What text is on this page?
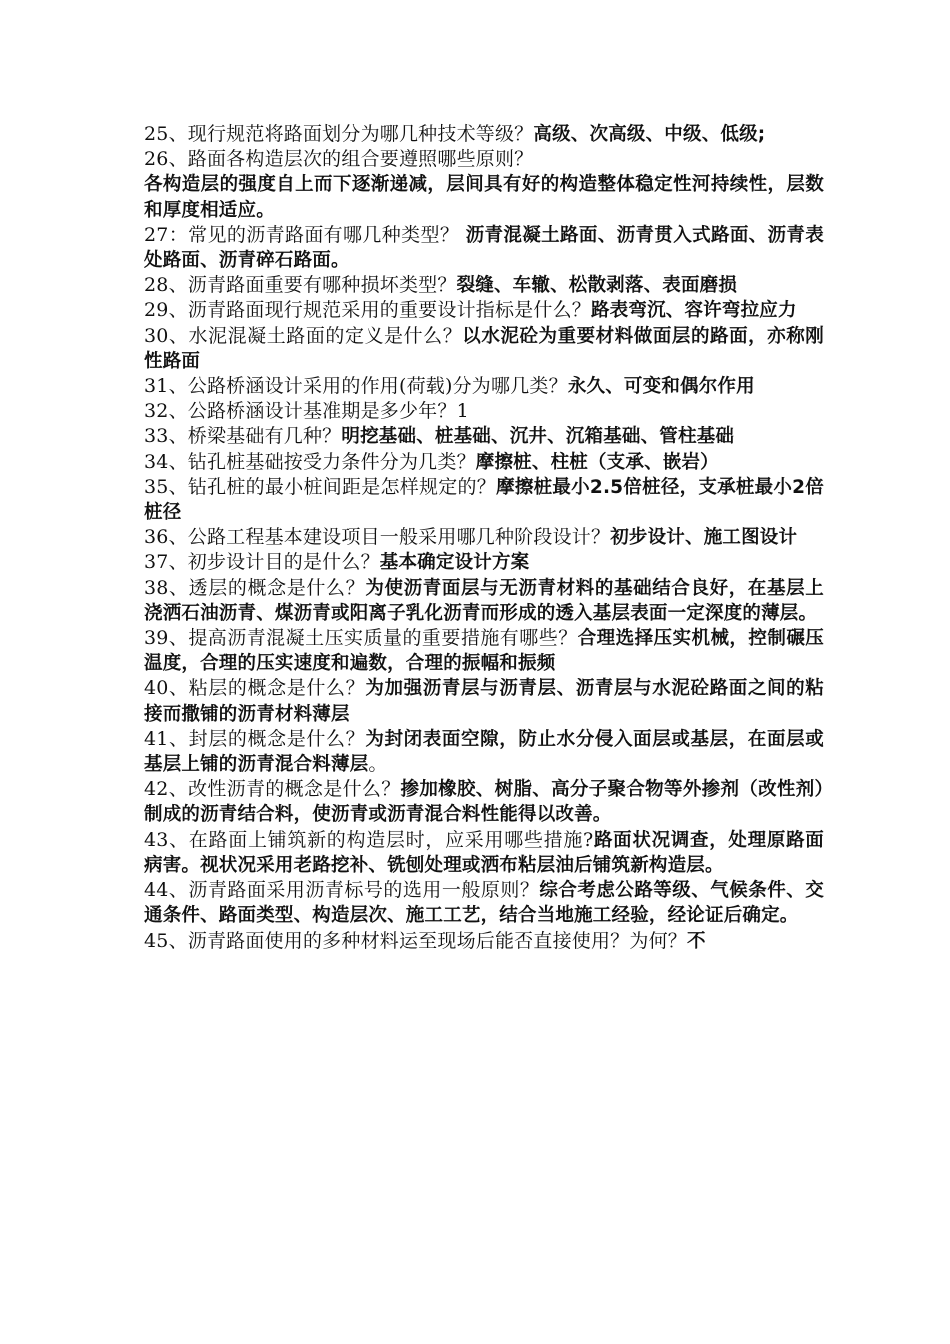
25、现行规范将路面划分为哪几种技术等级？高级、次高级、中级、低级;

26、路面各构造层次的组合要遵照哪些原则？
各构造层的强度自上而下逐渐递减，层间具有好的构造整体稳定性河持续性，层数和厚度相适应。

27：常见的沥青路面有哪几种类型？ 沥青混凝土路面、沥青贯入式路面、沥青表处路面、沥青碎石路面。

28、沥青路面重要有哪种损坏类型？裂缝、车辙、松散剥落、表面磨损

29、沥青路面现行规范采用的重要设计指标是什么？路表弯沉、容许弯拉应力

30、水泥混凝土路面的定义是什么？以水泥砼为重要材料做面层的路面，亦称刚性路面

31、公路桥涵设计采用的作用(荷载)分为哪几类？永久、可变和偶尔作用

32、公路桥涵设计基准期是多少年？1

33、桥梁基础有几种？明挖基础、桩基础、沉井、沉箱基础、管柱基础

34、钻孔桩基础按受力条件分为几类？摩擦桩、柱桩（支承、嵌岩）

35、钻孔桩的最小桩间距是怎样规定的？摩擦桩最小2.5倍桩径，支承桩最小2倍桩径

36、公路工程基本建设项目一般采用哪几种阶段设计？初步设计、施工图设计

37、初步设计目的是什么？基本确定设计方案

38、透层的概念是什么？为使沥青面层与无沥青材料的基础结合良好，在基层上浇洒石油沥青、煤沥青或阳离子乳化沥青而形成的透入基层表面一定深度的薄层。

39、提高沥青混凝土压实质量的重要措施有哪些？合理选择压实机械，控制碾压温度，合理的压实速度和遍数，合理的振幅和振频

40、粘层的概念是什么？为加强沥青层与沥青层、沥青层与水泥砼路面之间的粘接而撒铺的沥青材料薄层

41、封层的概念是什么？为封闭表面空隙，防止水分侵入面层或基层，在面层或基层上铺的沥青混合料薄层。

42、改性沥青的概念是什么？掺加橡胶、树脂、高分子聚合物等外掺剂（改性剂）制成的沥青结合料，使沥青或沥青混合料性能得以改善。

43、在路面上铺筑新的构造层时，应采用哪些措施?路面状况调查，处理原路面病害。视状况采用老路挖补、铣刨处理或洒布粘层油后铺筑新构造层。

44、沥青路面采用沥青标号的选用一般原则？综合考虑公路等级、气候条件、交通条件、路面类型、构造层次、施工工艺，结合当地施工经验，经论证后确定。

45、沥青路面使用的多种材料运至现场后能否直接使用？为何？不
